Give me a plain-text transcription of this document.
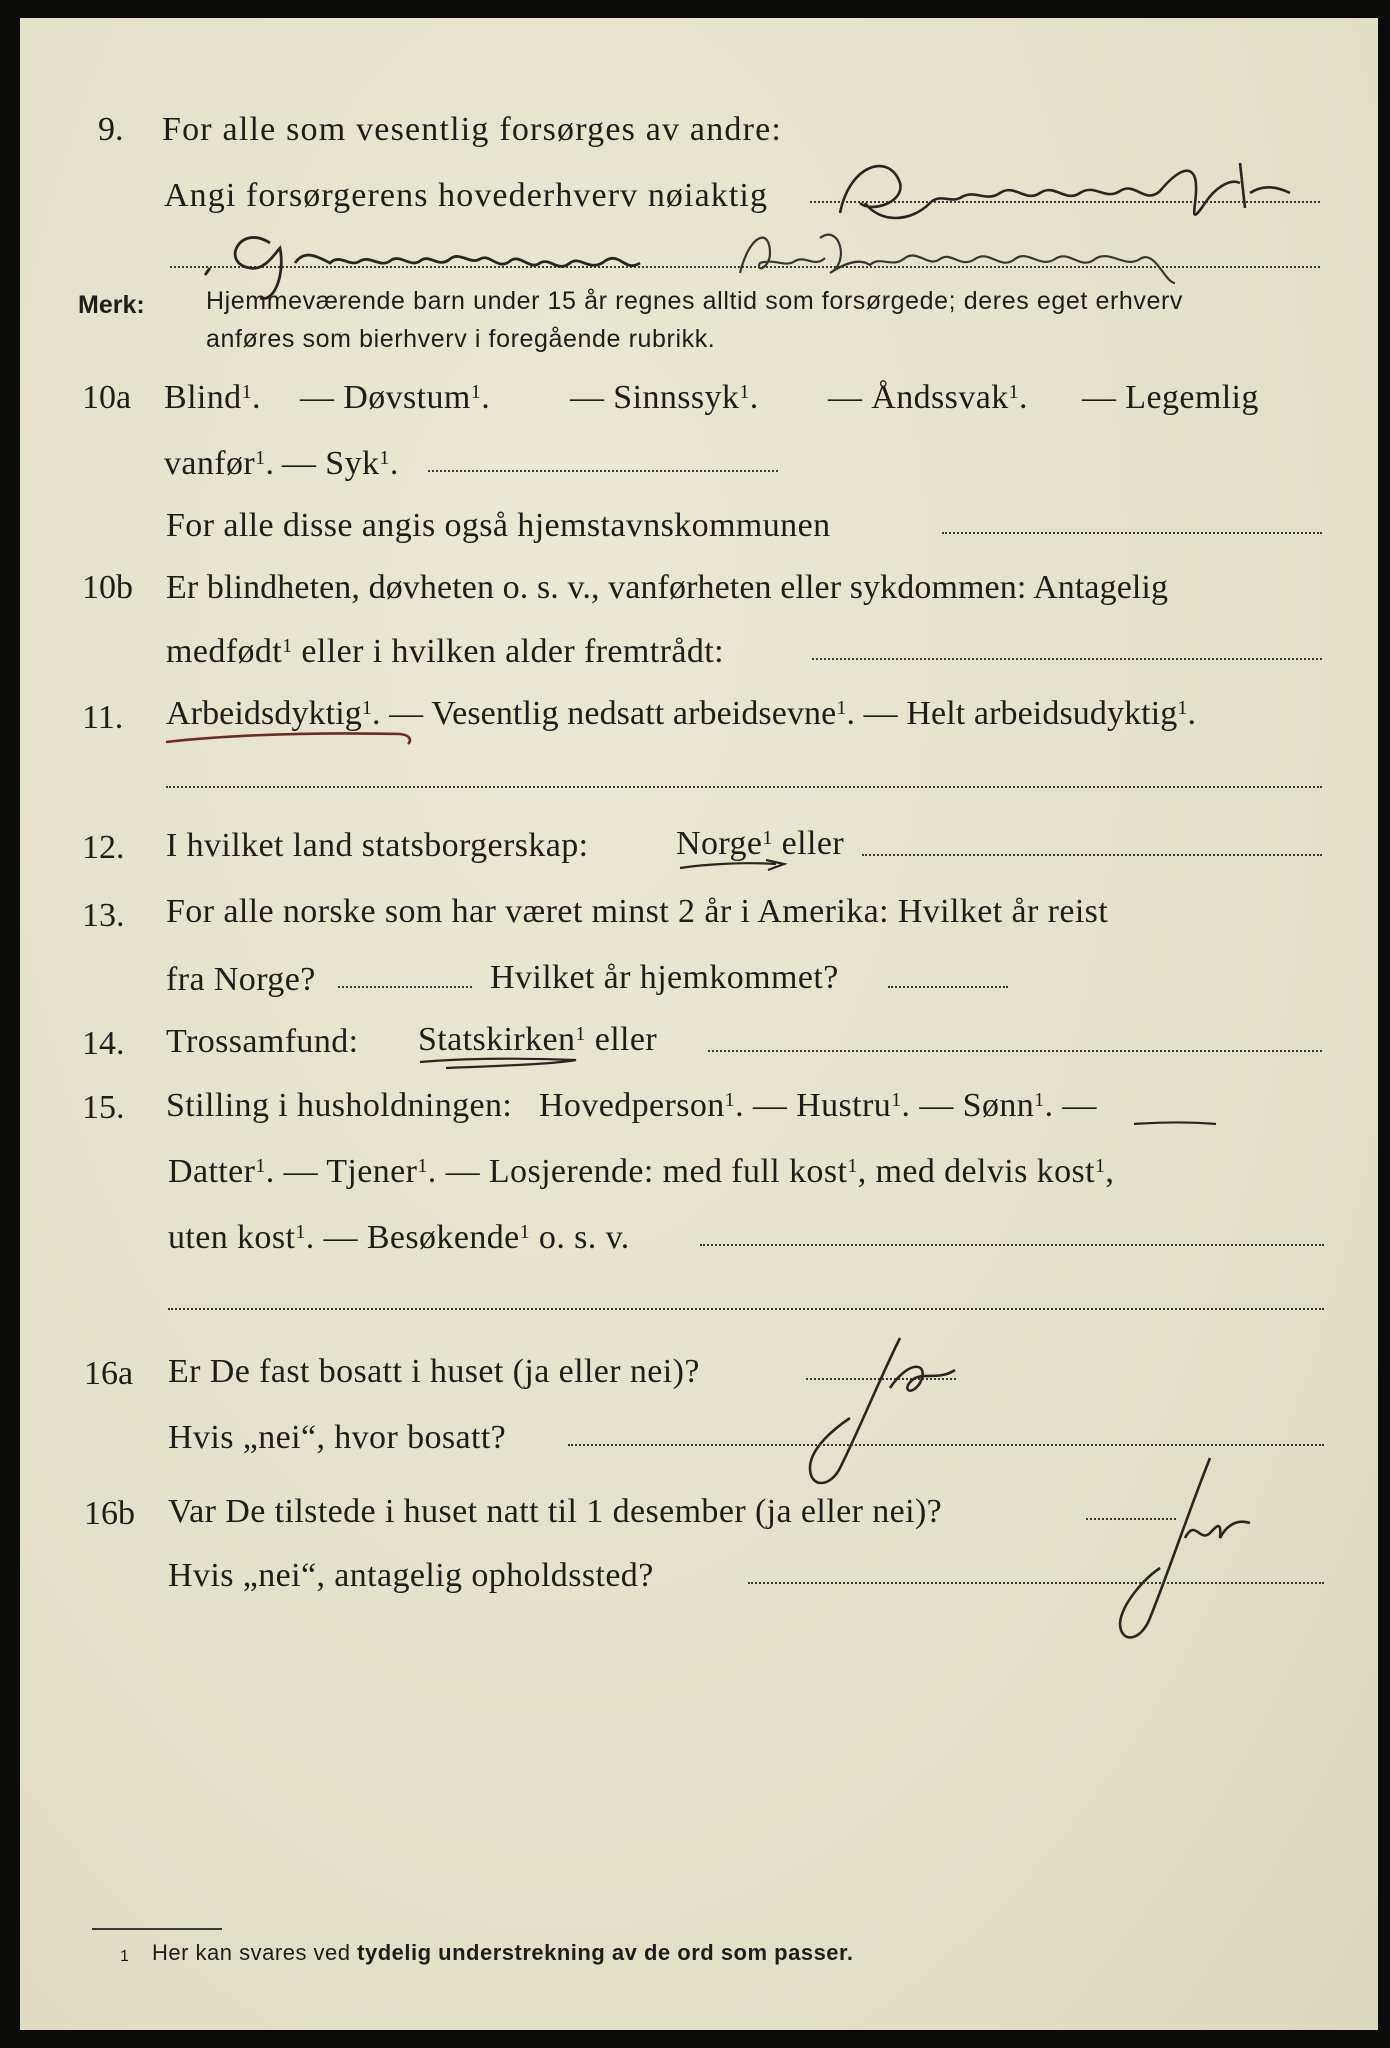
9. For alle som vesentlig forsørges av andre:
Angi forsørgerens hovederhverv nøiaktig
Merk: Hjemmeværende barn under 15 år regnes alltid som forsørgede; deres eget erhverv
anføres som bierhverv i foregående rubrikk.
10a Blind$^1$. — Døvstum$^1$. — Sinnssyk$^1$. — Åndssvak$^1$. — Legemlig
vanfør$^1$. — Syk$^1$.
For alle disse angis også hjemstavnskommunen
10b Er blindheten, døvheten o. s. v., vanførheten eller sykdommen: Antagelig
medfødt$^1$ eller i hvilken alder fremtrådt:
11. Arbeidsdyktig$^1$. — Vesentlig nedsatt arbeidsevne$^1$. — Helt arbeidsudyktig$^1$.
12. I hvilket land statsborgerskap:	Norge$^1$ eller
13. For alle norske som har været minst 2 år i Amerika: Hvilket år reist
fra Norge?	Hvilket år hjemkommet?
14. Trossamfund: Statskirken$^1$ eller
15. Stilling i husholdningen: Hovedperson$^1$. — Hustru$^1$. — Sønn$^1$. —
Datter$^1$. — Tjener$^1$. — Losjerende: med full kost$^1$, med delvis kost$^1$,
uten kost$^1$. — Besøkende$^1$ o. s. v.
16a Er De fast bosatt i huset (ja eller nei)?
Hvis „nei“, hvor bosatt?
16b Var De tilstede i huset natt til 1 desember (ja eller nei)?
Hvis „nei“, antagelig opholdssted?
1 Her kan svares ved tydelig understrekning av de ord som passer.
